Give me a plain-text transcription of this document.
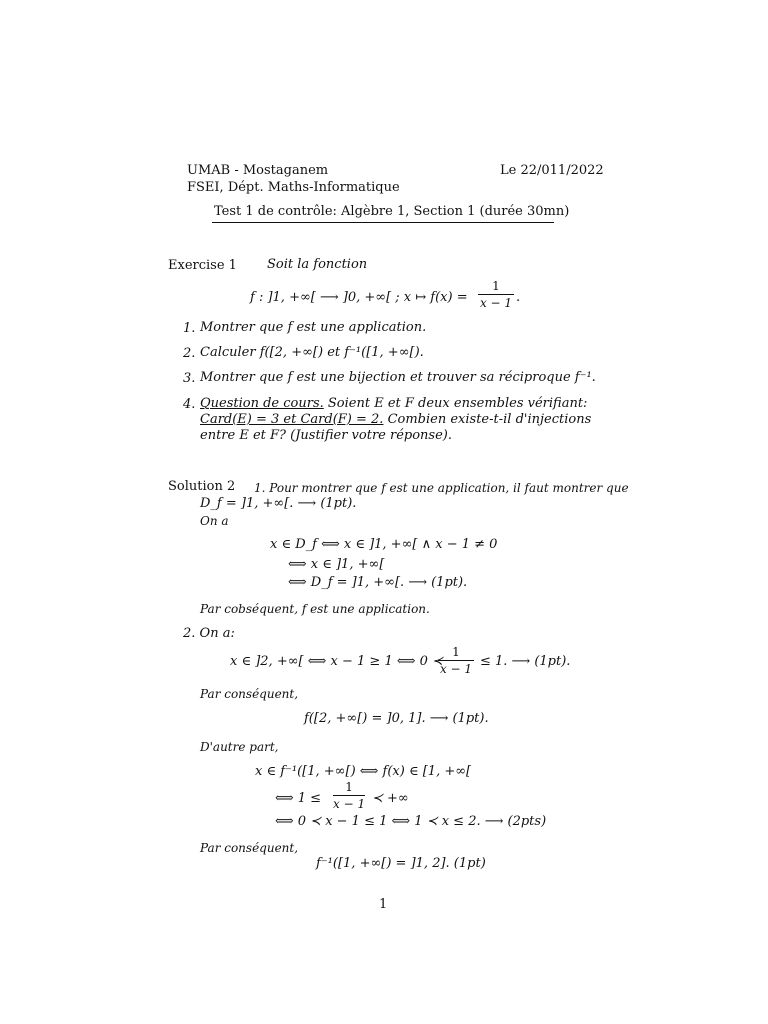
UMAB - Mostaganem	Le 22/011/2022
FSEI, Dépt. Maths-Informatique
Test 1 de contrôle: Algèbre 1, Section 1 (durée 30mn)
Exercise 1 Soit la fonction
f : ]1, +∞[ ⟶ ]0, +∞[ ; x ↦ f(x) =
1
x − 1 .
1. Montrer que f est une application.
2. Calculer f([2, +∞[) et f⁻¹([1, +∞[).
3. Montrer que f est une bijection et trouver sa réciproque f⁻¹.
4. Question de cours. Soient E et F deux ensembles vérifiant:
Card(E) = 3 et Card(F) = 2. Combien existe-t-il d'injections
entre E et F? (Justifier votre réponse).
Solution 2 1. Pour montrer que f est une application, il faut montrer que
D_f = ]1, +∞[. ⟶ (1pt).
On a
x ∈ D_f ⟺ x ∈ ]1, +∞[ ∧ x − 1 ≠ 0
⟺ x ∈ ]1, +∞[
⟺ D_f = ]1, +∞[. ⟶ (1pt).
Par cobséquent, f est une application.
2. On a:
x ∈ ]2, +∞[ ⟺ x − 1 ≥ 1 ⟺ 0 ≺
1
x − 1 ≤ 1. ⟶ (1pt).
Par conséquent,
f([2, +∞[) = ]0, 1]. ⟶ (1pt).
D'autre part,
x ∈ f⁻¹([1, +∞[) ⟺ f(x) ∈ [1, +∞[
⟺ 1 ≤
1
x − 1 ≺ +∞
⟺ 0 ≺ x − 1 ≤ 1 ⟺ 1 ≺ x ≤ 2. ⟶ (2pts)
Par conséquent,
f⁻¹([1, +∞[) = ]1, 2]. (1pt)
1
